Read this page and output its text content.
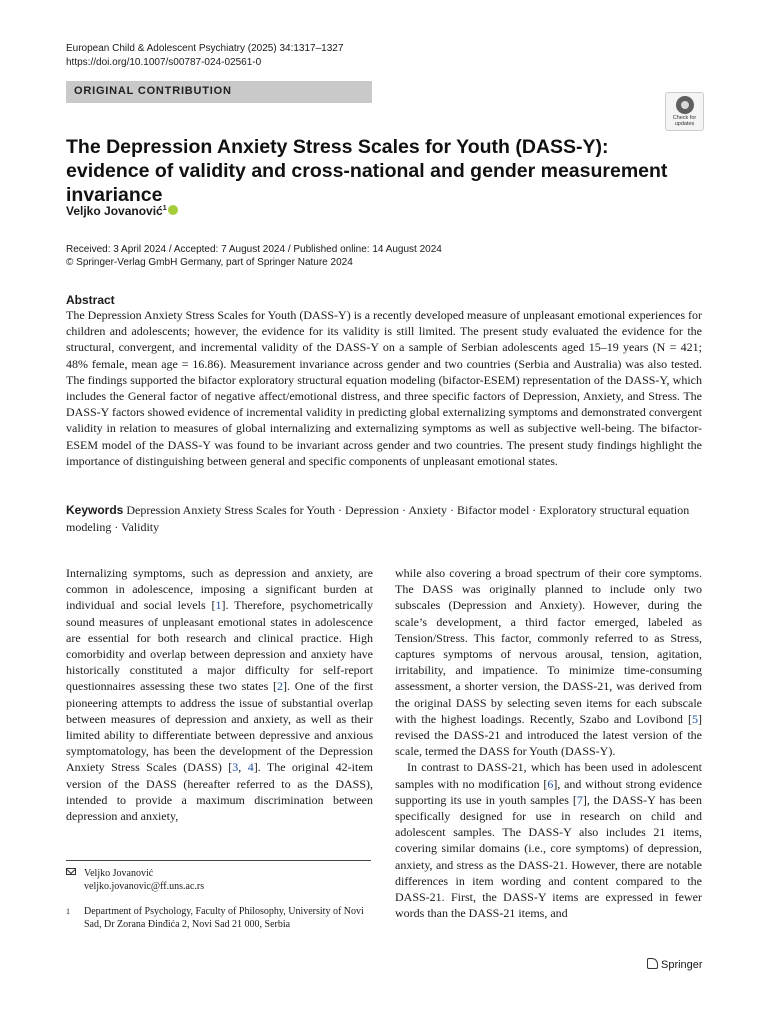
European Child & Adolescent Psychiatry (2025) 34:1317–1327
https://doi.org/10.1007/s00787-024-02561-0
ORIGINAL CONTRIBUTION
Check for updates
The Depression Anxiety Stress Scales for Youth (DASS-Y): evidence of validity and cross-national and gender measurement invariance
Veljko Jovanović$^1$
Received: 3 April 2024 / Accepted: 7 August 2024 / Published online: 14 August 2024
© Springer-Verlag GmbH Germany, part of Springer Nature 2024
Abstract

The Depression Anxiety Stress Scales for Youth (DASS-Y) is a recently developed measure of unpleasant emotional experiences for children and adolescents; however, the evidence for its validity is still limited. The present study evaluated the evidence for the structural, convergent, and incremental validity of the DASS-Y on a sample of Serbian adolescents aged 15–19 years (N = 421; 48% female, mean age = 16.86). Measurement invariance across gender and two countries (Serbia and Australia) was also tested. The findings supported the bifactor exploratory structural equation modeling (bifactor-ESEM) representation of the DASS-Y, which includes the General factor of negative affect/emotional distress, and three specific factors of Depression, Anxiety, and Stress. The DASS-Y factors showed evidence of incremental validity in predicting global externalizing symptoms and demonstrated convergent validity in relation to measures of global internalizing and externalizing symptoms as well as subjective well-being. The bifactor-ESEM model of the DASS-Y was found to be invariant across gender and two countries. The present study findings highlight the importance of distinguishing between general and specific components of unpleasant emotional states.

Keywords Depression Anxiety Stress Scales for Youth · Depression · Anxiety · Bifactor model · Exploratory structural equation modeling · Validity

Internalizing symptoms, such as depression and anxiety, are common in adolescence, imposing a significant burden at individual and social levels [1]. Therefore, psychometrically sound measures of unpleasant emotional states in adolescence are essential for both research and clinical practice. High comorbidity and overlap between depression and anxiety have historically constituted a major difficulty for self-report questionnaires assessing these two states [2]. One of the first pioneering attempts to address the issue of substantial overlap between measures of depression and anxiety, as well as their limited ability to differentiate between depressive and anxious symptomatology, has been the development of the Depression Anxiety Stress Scales (DASS) [3, 4]. The original 42-item version of the DASS (hereafter referred to as the DASS), intended to provide a maximum discrimination between depression and anxiety,

while also covering a broad spectrum of their core symptoms. The DASS was originally planned to include only two subscales (Depression and Anxiety). However, during the scale’s development, a third factor emerged, labeled as Tension/Stress. This factor, commonly referred to as Stress, captures symptoms of nervous arousal, tension, agitation, irritability, and impatience. To minimize time-consuming assessment, a shorter version, the DASS-21, was derived from the original DASS by selecting seven items for each subscale with the highest loadings. Recently, Szabo and Lovibond [5] revised the DASS-21 and introduced the latest version of the scale, termed the DASS for Youth (DASS-Y).

In contrast to DASS-21, which has been used in adolescent samples with no modification [6], and without strong evidence supporting its use in youth samples [7], the DASS-Y has been specifically designed for use in research on child and adolescent samples. The DASS-Y also includes 21 items, covering similar domains (i.e., core symptoms) of depression, anxiety, and stress as the DASS-21. However, there are notable differences in item wording and content compared to the DASS-21. First, the DASS-Y items are expressed in fewer words than the DASS-21 items, and

Veljko Jovanović
veljko.jovanovic@ff.uns.ac.rs
1	Department of Psychology, Faculty of Philosophy, University of Novi Sad, Dr Zorana Đinđića 2, Novi Sad 21 000, Serbia
Springer
